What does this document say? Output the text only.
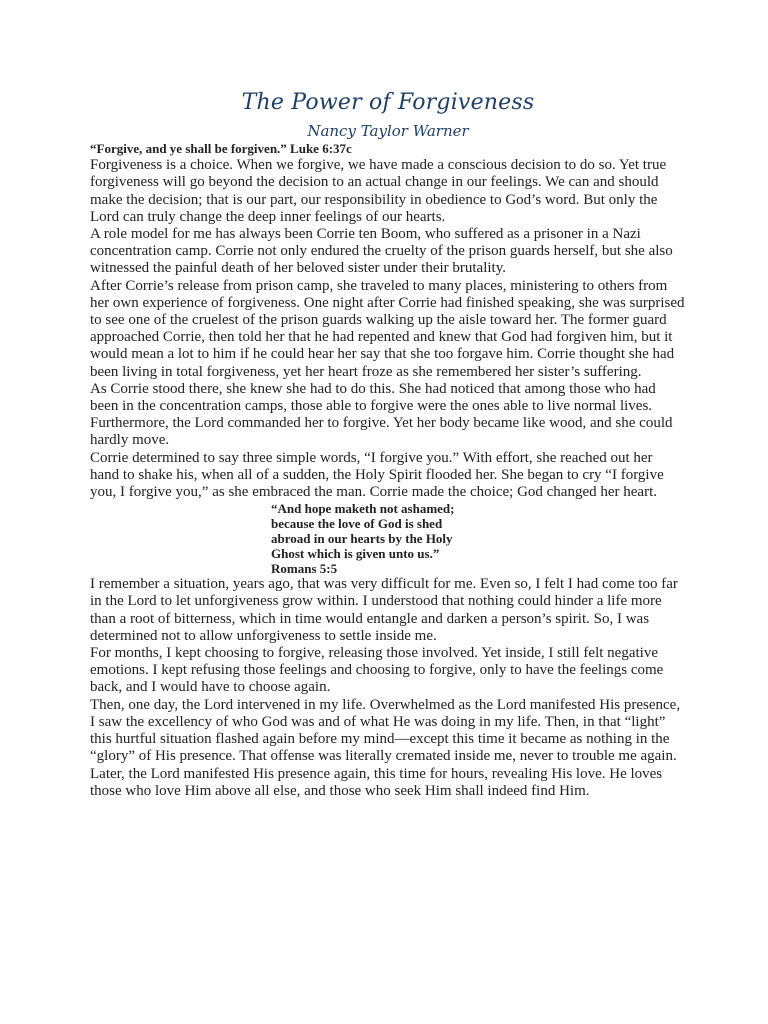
The Power of Forgiveness
Nancy Taylor Warner

“Forgive, and ye shall be forgiven.” Luke 6:37c

Forgiveness is a choice. When we forgive, we have made a conscious decision to do so. Yet true forgiveness will go beyond the decision to an actual change in our feelings. We can and should make the decision; that is our part, our responsibility in obedience to God’s word. But only the Lord can truly change the deep inner feelings of our hearts.

A role model for me has always been Corrie ten Boom, who suffered as a prisoner in a Nazi concentration camp. Corrie not only endured the cruelty of the prison guards herself, but she also witnessed the painful death of her beloved sister under their brutality.

After Corrie’s release from prison camp, she traveled to many places, ministering to others from her own experience of forgiveness. One night after Corrie had finished speaking, she was surprised to see one of the cruelest of the prison guards walking up the aisle toward her. The former guard approached Corrie, then told her that he had repented and knew that God had forgiven him, but it would mean a lot to him if he could hear her say that she too forgave him. Corrie thought she had been living in total forgiveness, yet her heart froze as she remembered her sister’s suffering.

As Corrie stood there, she knew she had to do this. She had noticed that among those who had been in the concentration camps, those able to forgive were the ones able to live normal lives. Furthermore, the Lord commanded her to forgive. Yet her body became like wood, and she could hardly move.

Corrie determined to say three simple words, “I forgive you.” With effort, she reached out her hand to shake his, when all of a sudden, the Holy Spirit flooded her. She began to cry “I forgive you, I forgive you,” as she embraced the man. Corrie made the choice; God changed her heart.

“And hope maketh not ashamed;
because the love of God is shed
abroad in our hearts by the Holy
Ghost which is given unto us.”
Romans 5:5

I remember a situation, years ago, that was very difficult for me. Even so, I felt I had come too far in the Lord to let unforgiveness grow within. I understood that nothing could hinder a life more than a root of bitterness, which in time would entangle and darken a person’s spirit. So, I was determined not to allow unforgiveness to settle inside me.

For months, I kept choosing to forgive, releasing those involved. Yet inside, I still felt negative emotions. I kept refusing those feelings and choosing to forgive, only to have the feelings come back, and I would have to choose again.

Then, one day, the Lord intervened in my life. Overwhelmed as the Lord manifested His presence, I saw the excellency of who God was and of what He was doing in my life. Then, in that “light” this hurtful situation flashed again before my mind—except this time it became as nothing in the “glory” of His presence. That offense was literally cremated inside me, never to trouble me again. Later, the Lord manifested His presence again, this time for hours, revealing His love. He loves those who love Him above all else, and those who seek Him shall indeed find Him.
